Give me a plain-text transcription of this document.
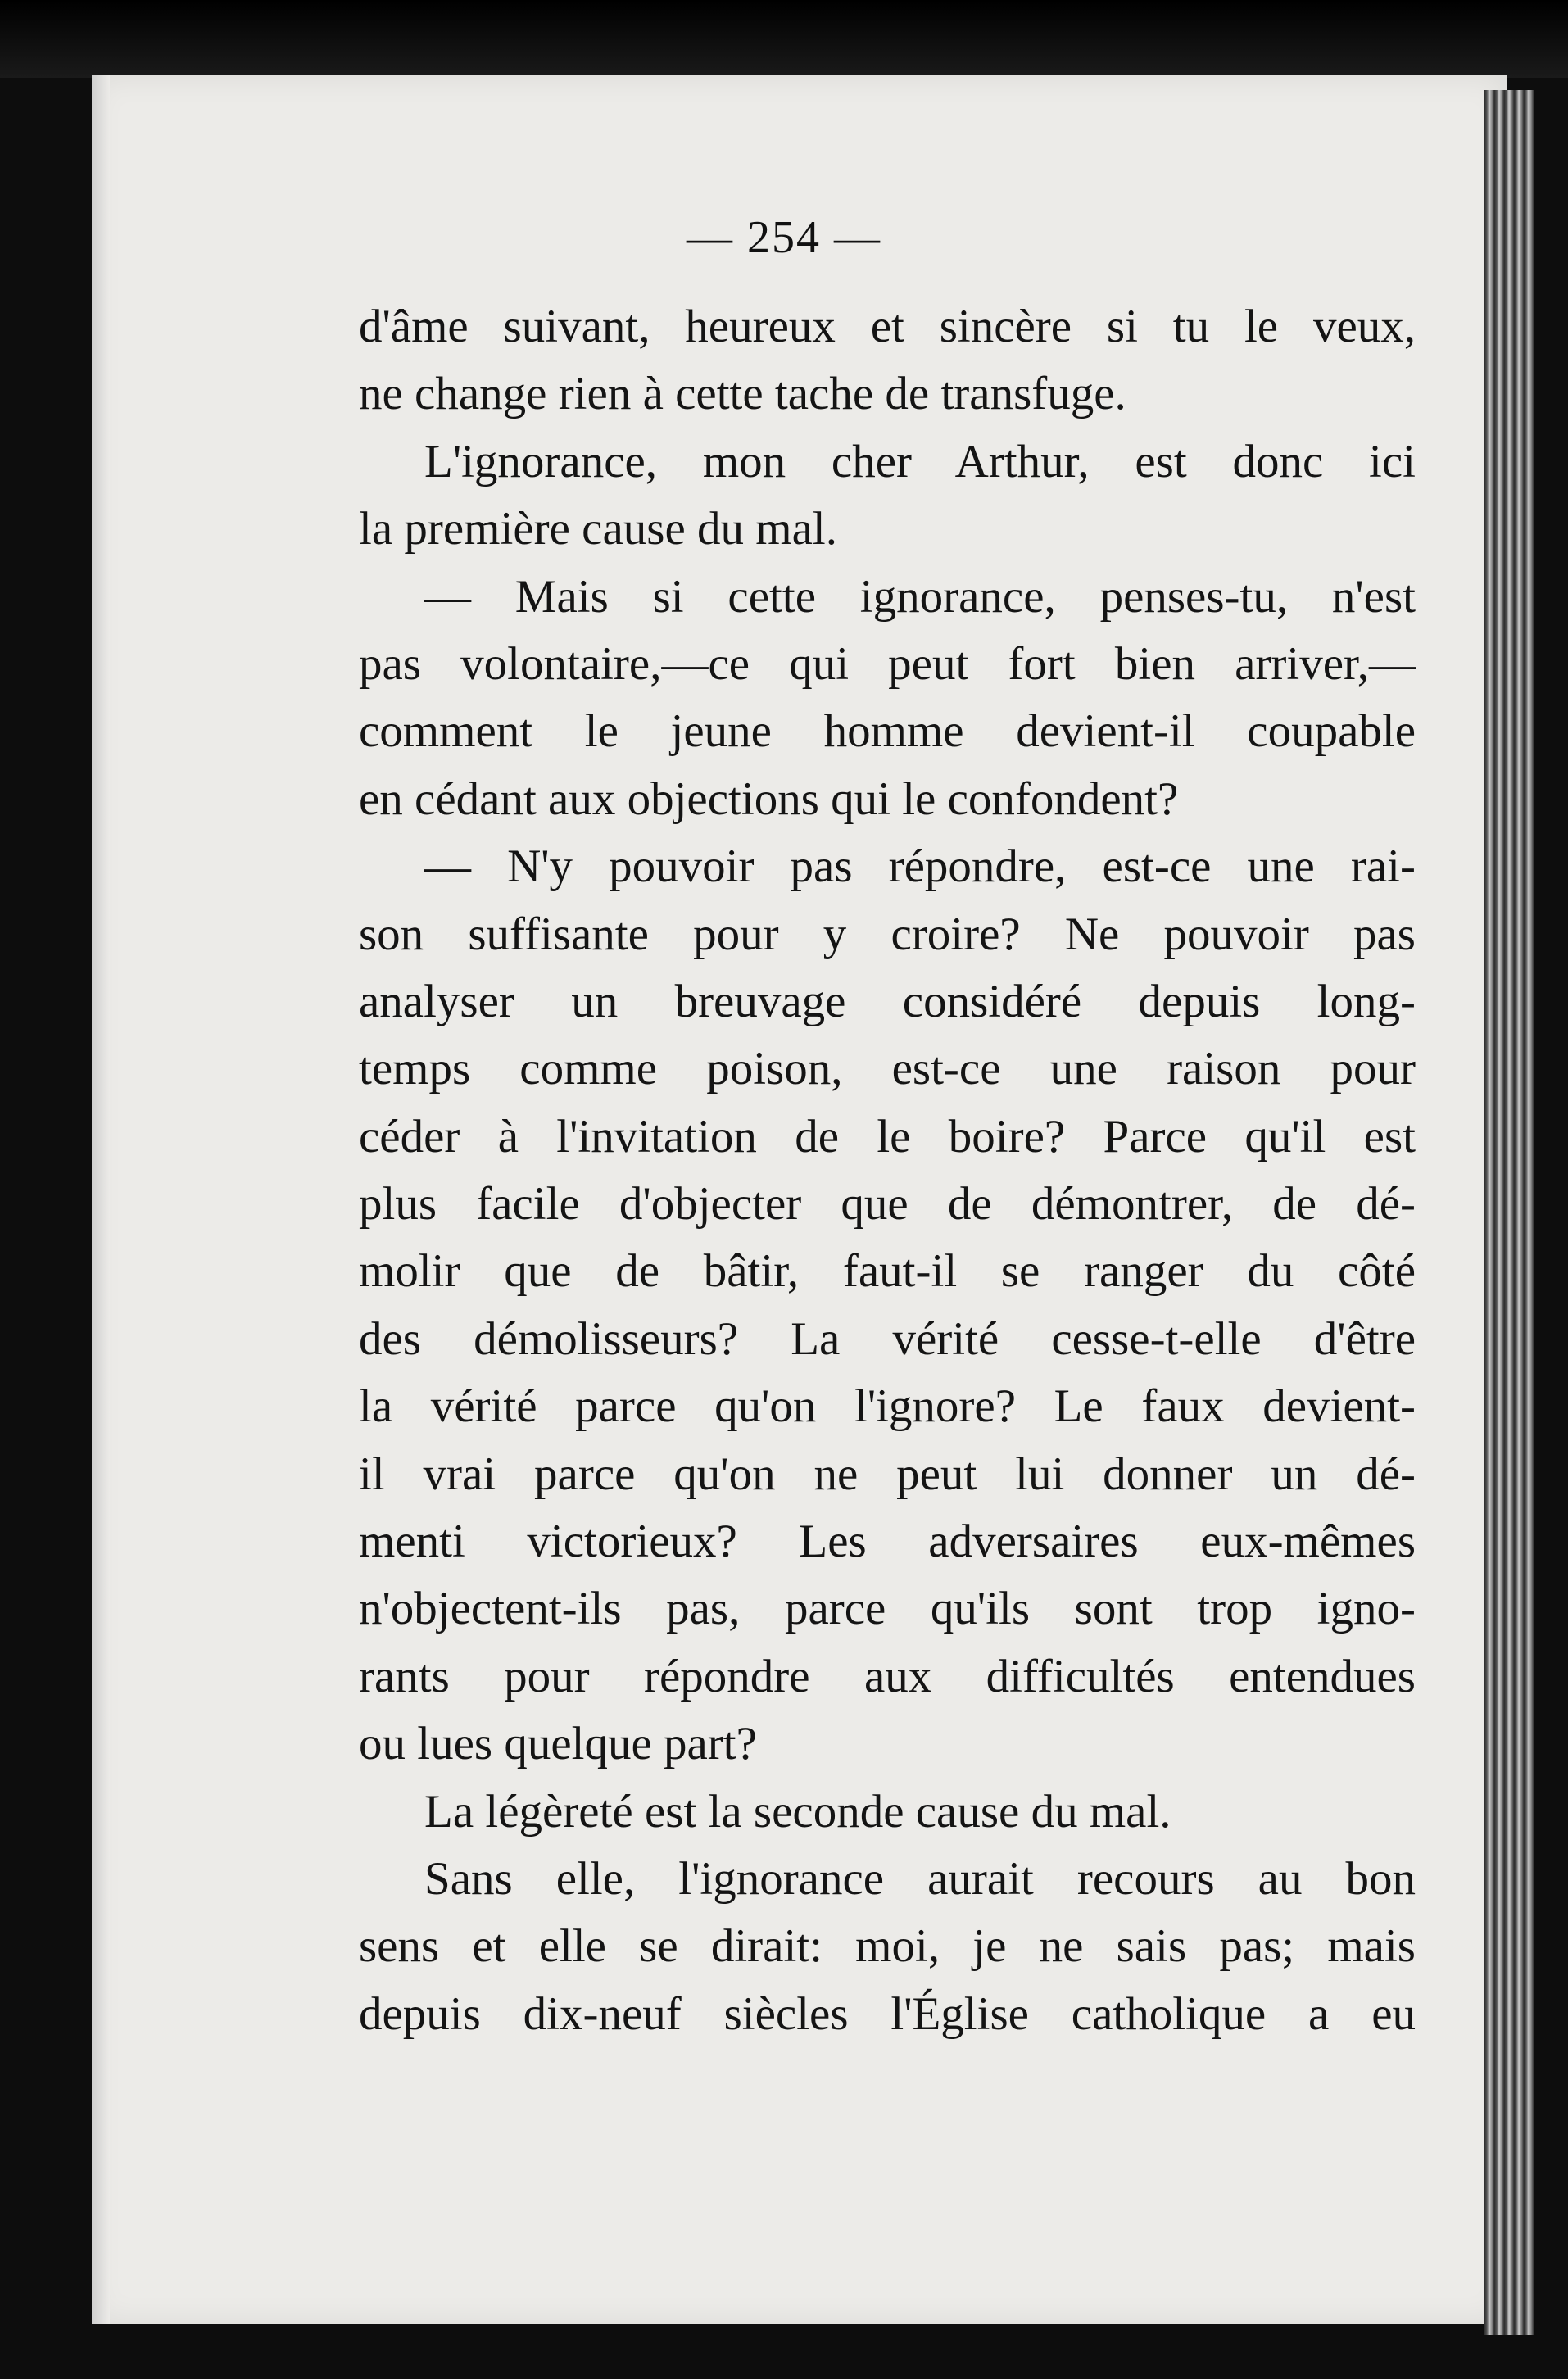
— 254 —
d'âme suivant, heureux et sincère si tu le veux,
ne change rien à cette tache de transfuge.
L'ignorance, mon cher Arthur, est donc ici
la première cause du mal.
— Mais si cette ignorance, penses-tu, n'est
pas volontaire,—ce qui peut fort bien arriver,—
comment le jeune homme devient-il coupable
en cédant aux objections qui le confondent?
— N'y pouvoir pas répondre, est-ce une rai-
son suffisante pour y croire? Ne pouvoir pas
analyser un breuvage considéré depuis long-
temps comme poison, est-ce une raison pour
céder à l'invitation de le boire? Parce qu'il est
plus facile d'objecter que de démontrer, de dé-
molir que de bâtir, faut-il se ranger du côté
des démolisseurs? La vérité cesse-t-elle d'être
la vérité parce qu'on l'ignore? Le faux devient-
il vrai parce qu'on ne peut lui donner un dé-
menti victorieux? Les adversaires eux-mêmes
n'objectent-ils pas, parce qu'ils sont trop igno-
rants pour répondre aux difficultés entendues
ou lues quelque part?
La légèreté est la seconde cause du mal.
Sans elle, l'ignorance aurait recours au bon
sens et elle se dirait: moi, je ne sais pas; mais
depuis dix-neuf siècles l'Église catholique a eu
